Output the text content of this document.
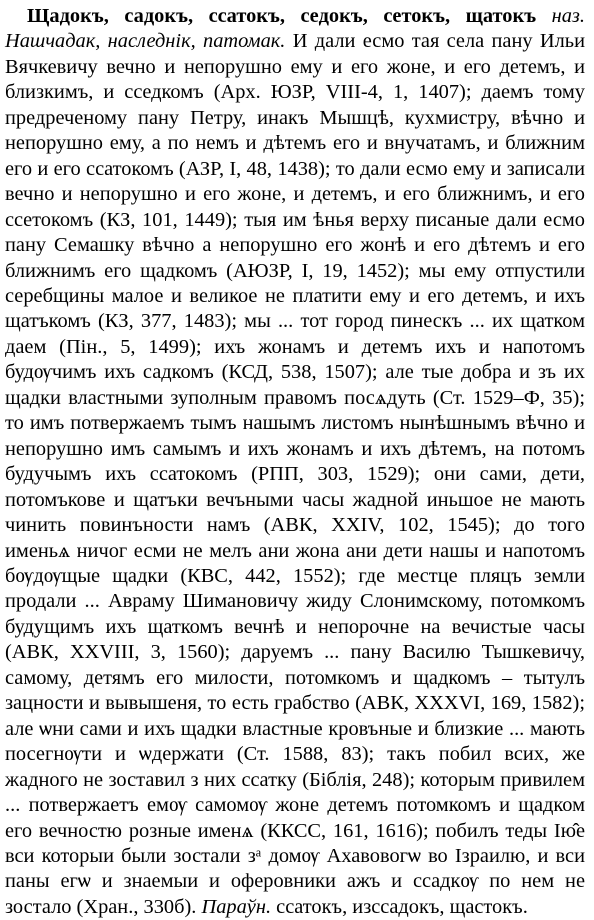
Щадокъ, садокъ, сcатокъ, сeдокъ, сeтокъ, щатокъ наз. Нашчадак, наследнік, патомак. И дали есмо тая села пану Ильи Вячкевичу вечно и непорушно ему и его жоне, и его детемъ, и близкимъ, и сcедкомъ (Арх. ЮЗР, VIII-4, 1, 1407); даемъ тому предреченому пану Петру, инакъ Мышцѣ, кухмистру, вѣчно и непорушно ему, а по немъ и дѣтемъ его и внучатамъ, и ближним его и его сcатокомъ (АЗР, І, 48, 1438); то дали есмо ему и записали вечно и непорушно и его жоне, и детемъ, и его ближнимъ, и его сcетокомъ (КЗ, 101, 1449); тыя им ѣнья верху писаные дали есмо пану Семашку вѣчно а непорушно его жонѣ и его дѣтемъ и его ближнимъ его щадкомъ (АЮЗР, І, 19, 1452); мы ему отпустили серебщины малое и великое не платити ему и его детемъ, и ихъ щатъкомъ (КЗ, 377, 1483); мы ... тот город пинескъ ... их щатком даем (Пін., 5, 1499); ихъ жонамъ и детемъ ихъ и напотомъ будѹчимъ ихъ садкомъ (КСД, 538, 1507); але тые добра и зъ их щадки властными зуполным правомъ посѧдуть (Ст. 1529–Ф, 35); то имъ потвержаемъ тымъ нашымъ листомъ нынѣшнымъ вѣчно и непорушно имъ самымъ и ихъ жонамъ и ихъ дѣтемъ, на потомъ будучымъ ихъ сcатокомъ (РПП, 303, 1529); они сами, дети, потомъкове и щатъки вечъными часы жадной иньшое не мають чинить повинъности намъ (АВК, XXIV, 102, 1545); до того именьѧ ничог есми не мелъ ани жона ани дети нашы и напотомъ бѹдѹщые щадки (КВС, 442, 1552); где местце пляцъ земли продали ... Авраму Шимановичу жиду Слонимскому, потомкомъ будущимъ ихъ щаткомъ вечнѣ и непорочне на вечистые часы (АВК, XXVIII, 3, 1560); даруемъ ... пану Василю Тышкевичу, самому, детямъ его милости, потомкомъ и щадкомъ – тытулъ зацности и вывышеня, то есть грабство (АВК, XXXVI, 169, 1582); але ѡни сами и ихъ щадки властные кровъные и близкие ... мають посегнѹти и ѡдержати (Ст. 1588, 83); такъ побил всих, же жадного не зоставил з них сcатку (Біблія, 248); которым привилем ... потвержаетъ емѹ самомѹ жоне детемъ потомкомъ и щадком его вечностю розные именѧ (ККСС, 161, 1616); побилъ теды Ію̂е вси которыи были зостали зᵃ домѹ Ахавовогѡ во Ізраилю, и вси паны егѡ и знаемыи и оферовники ажъ и сcадкѹ по нем не зостало (Хран., 330б). Параўн. сcатокъ, изсcадокъ, щастокъ.
